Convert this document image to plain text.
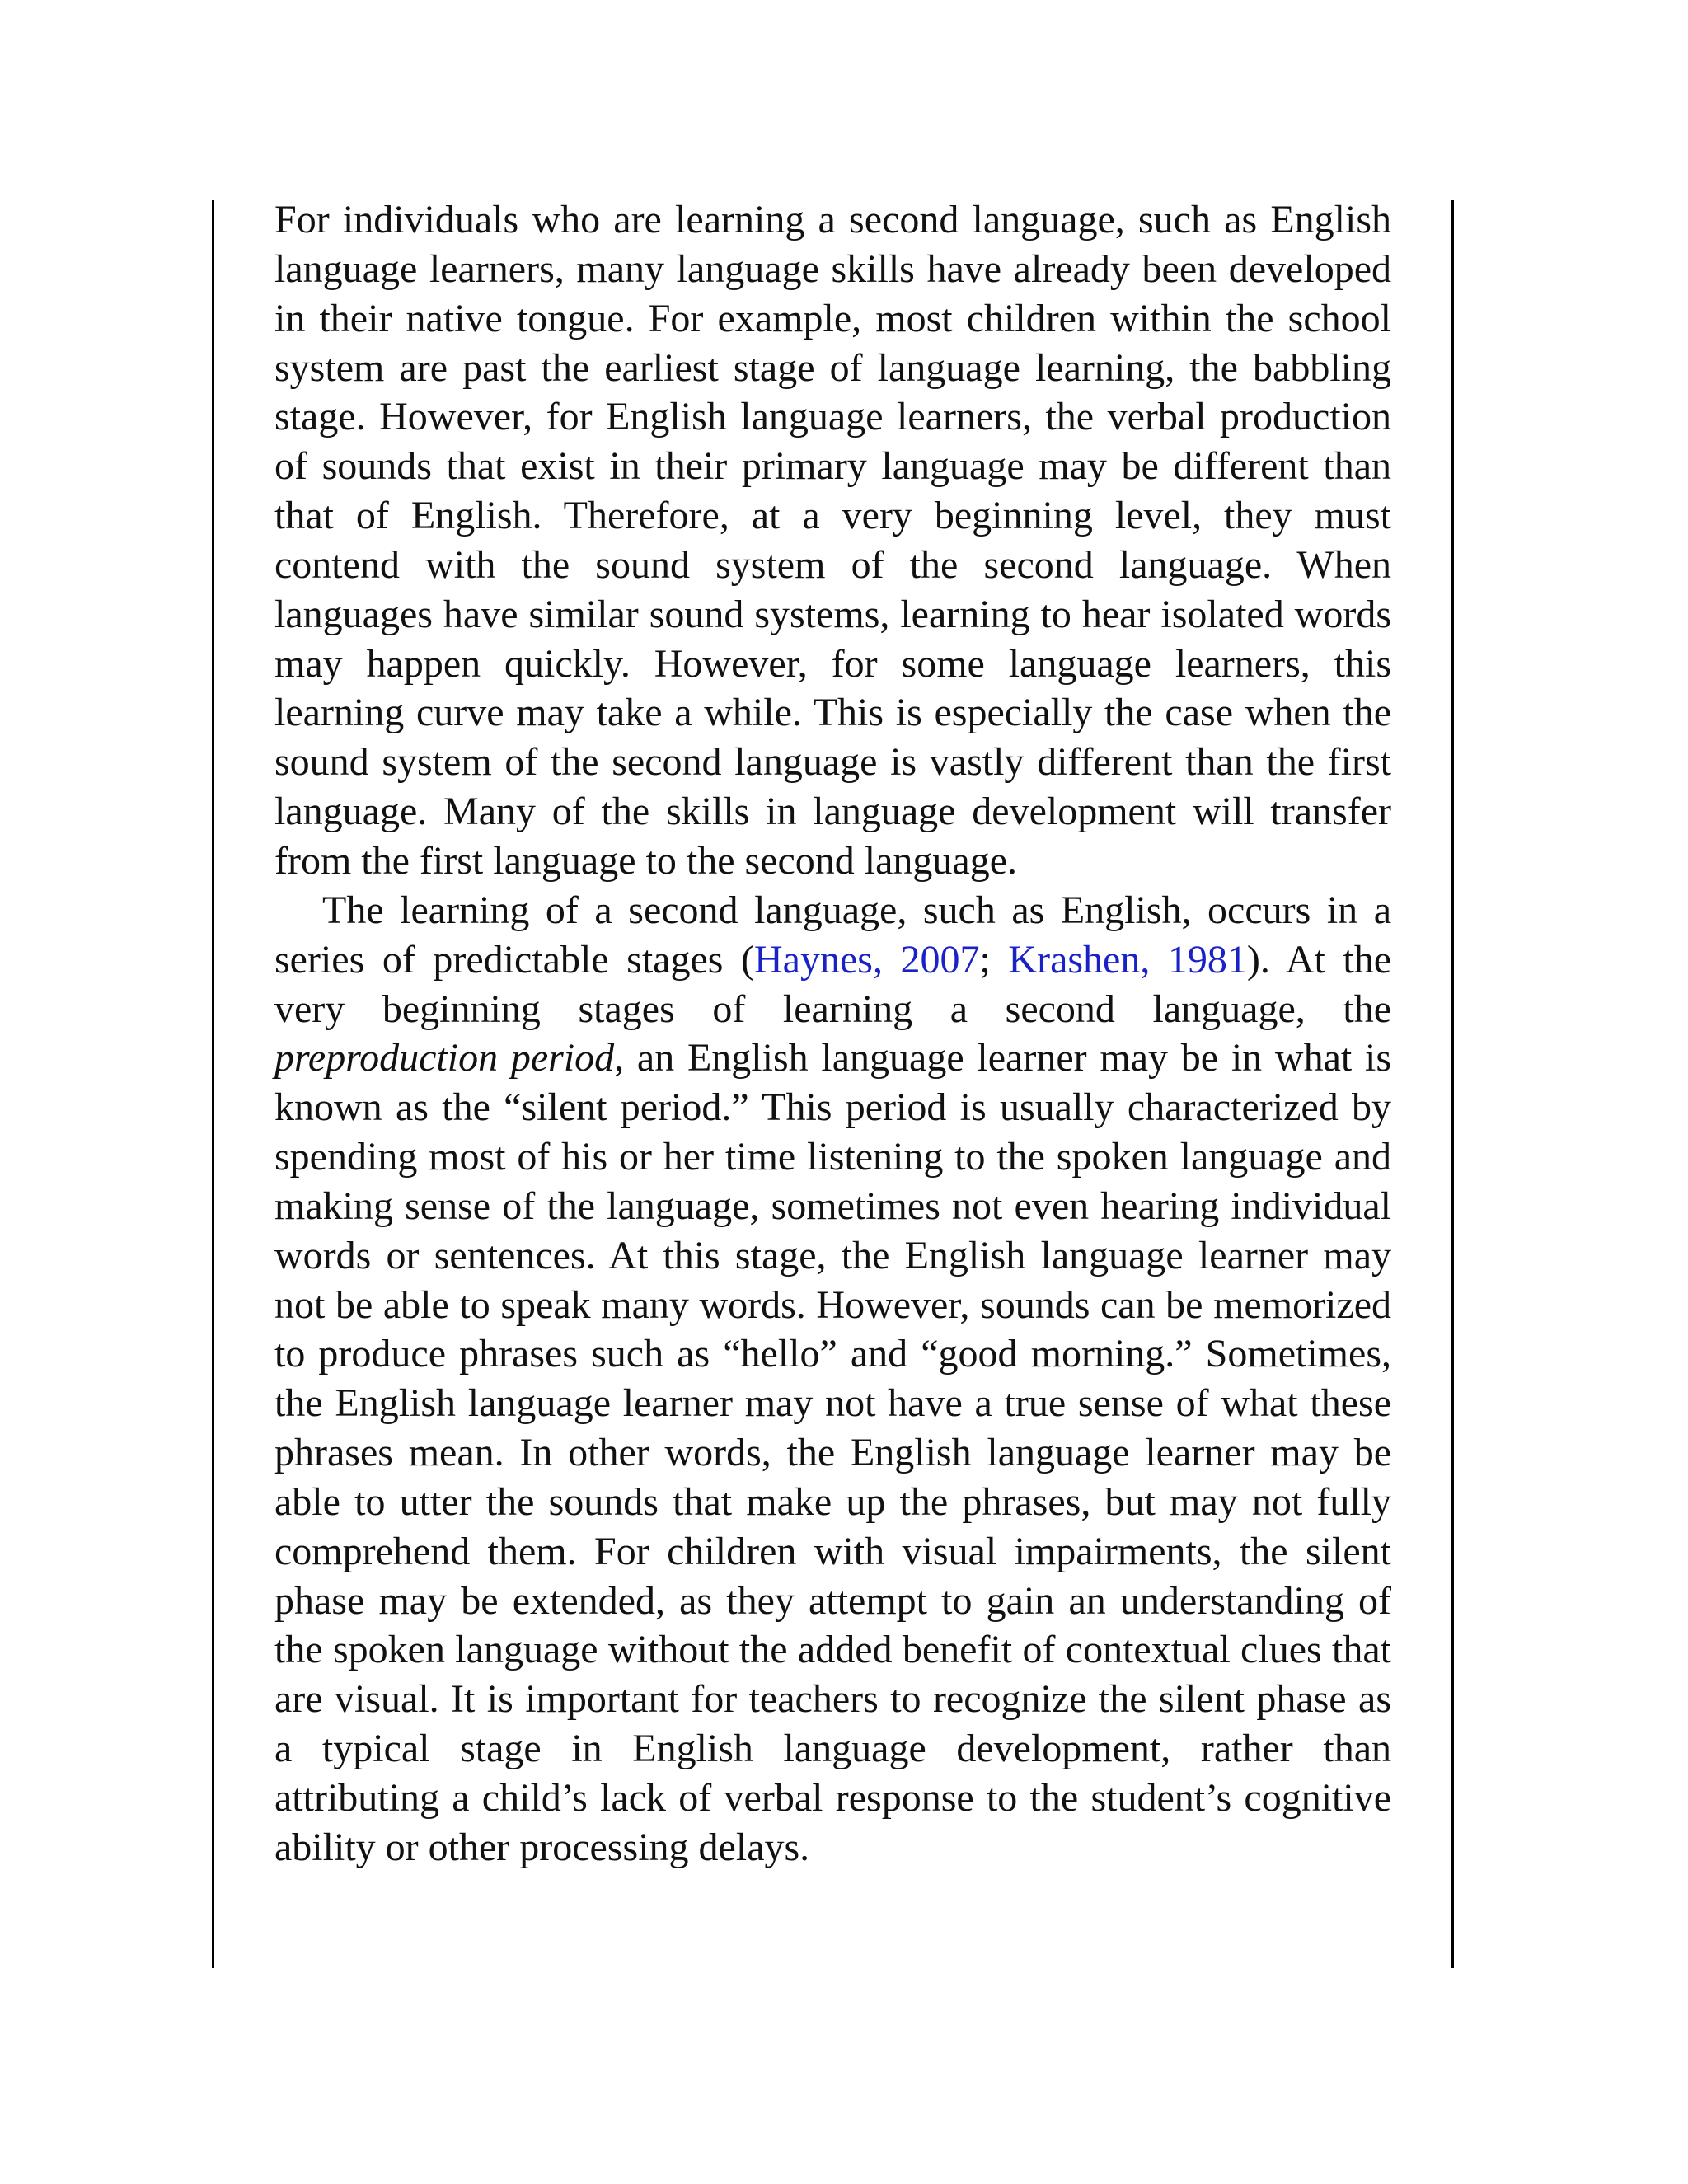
For individuals who are learning a second language, such as English language learners, many language skills have already been developed in their native tongue. For example, most children within the school system are past the earliest stage of language learning, the babbling stage. However, for English language learners, the verbal production of sounds that exist in their primary language may be different than that of English. Therefore, at a very beginning level, they must contend with the sound system of the second language. When languages have similar sound systems, learning to hear isolated words may happen quickly. However, for some language learners, this learning curve may take a while. This is especially the case when the sound system of the second language is vastly different than the first language. Many of the skills in language development will transfer from the first language to the second language.

The learning of a second language, such as English, occurs in a series of predictable stages (Haynes, 2007; Krashen, 1981). At the very beginning stages of learning a second language, the preproduction period, an English language learner may be in what is known as the “silent period.” This period is usually characterized by spending most of his or her time listening to the spoken language and making sense of the language, sometimes not even hearing individual words or sentences. At this stage, the English language learner may not be able to speak many words. However, sounds can be memorized to produce phrases such as “hello” and “good morning.” Sometimes, the English language learner may not have a true sense of what these phrases mean. In other words, the English language learner may be able to utter the sounds that make up the phrases, but may not fully comprehend them. For children with visual impairments, the silent phase may be extended, as they attempt to gain an understanding of the spoken language without the added benefit of contextual clues that are visual. It is important for teachers to recognize the silent phase as a typical stage in English language development, rather than attributing a child’s lack of verbal response to the student’s cognitive ability or other processing delays.
